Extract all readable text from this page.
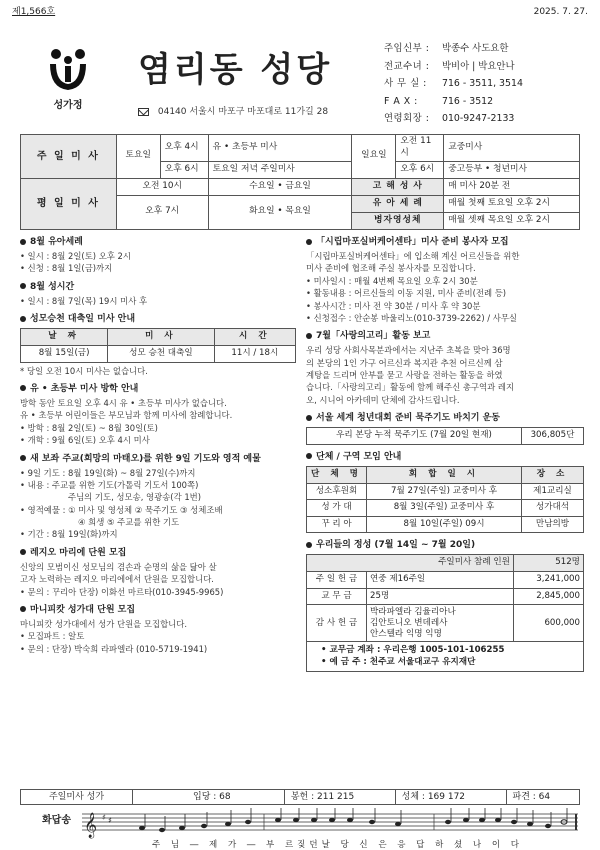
제1,566호	2025. 7. 27.
성가정
염리동 성당
04140 서울시 마포구 마포대로 11가길 28
주임신부 :	박종수 사도요한
전교수녀 :	박비아 | 박요안나
사 무 실 :	716 - 3511, 3514
F A X :	716 - 3512
연령회장 :	010-9247-2133
주 일 미 사	토요일	오후 4시	유 • 초등부 미사	일요일	오전 11시	교중미사
		오후 6시	토요일 저녁 주일미사		오후 6시	중고등부 • 청년미사
평 일 미 사	오전 10시		수요일 • 금요일	고 해 성 사		매 미사 20분 전
	오후 7시		화요일 • 목요일	유 아 세 례		매월 첫째 토요일 오후 2시
				병자영성체		매월 셋째 목요일 오후 2시
8월 유아세례

• 일시 : 8월 2일(토) 오후 2시

• 신청 : 8월 1일(금)까지

8월 성시간

• 일시 : 8월 7일(목) 19시 미사 후

성모승천 대축일 미사 안내
날 짜	미 사	시 간
8월 15일(금)	성모 승천 대축일	11시 / 18시

* 당일 오전 10시 미사는 없습니다.

유 • 초등부 미사 방학 안내

방학 동안 토요일 오후 4시 유 • 초등부 미사가 없습니다.

유 • 초등부 어린이들은 부모님과 함께 미사에 참례합니다.

• 방학 : 8월 2일(토) ~ 8월 30일(토)

• 개학 : 9월 6일(토) 오후 4시 미사

새 보좌 주교(희망의 마태오)를 위한 9일 기도와 영적 예물

• 9일 기도 : 8월 19일(화) ~ 8월 27일(수)까지

• 내용 : 주교를 위한 기도(가톨릭 기도서 100쪽)

주님의 기도, 성모송, 영광송(각 1번)

• 영적예물 : ① 미사 및 영성체 ② 묵주기도 ③ 성체조배

④ 희생 ⑤ 주교를 위한 기도

• 기간 : 8월 19일(화)까지

레지오 마리에 단원 모집

신앙의 모범이신 성모님의 겸손과 순명의 삶을 닮아 살

고자 노력하는 레지오 마리에에서 단원을 모집합니다.

• 문의 : 꾸리아 단장) 이화선 마르타(010-3945-9965)

마니피캇 성가대 단원 모집

마니피캇 성가대에서 성가 단원을 모집합니다.

• 모집파트 : 알토

• 문의 : 단장) 박숙희 라파엘라 (010-5719-1941)

「시립마포실버케어센타」미사 준비 봉사자 모집

「시립마포실버케어센타」에 입소해 계신 어르신들을 위한

미사 준비에 협조해 주실 봉사자를 모집합니다.

• 미사일시 : 매월 4번째 목요일 오후 2시 30분

• 활동내용 : 어르신들의 이동 지원, 미사 준비(전례 등)

• 봉사시간 : 미사 전 약 30분 / 미사 후 약 30분

• 신청접수 : 안순봉 바울리노(010-3739-2262) / 사무실

7월「사랑의고리」활동 보고

우리 성당 사회사목분과에서는 지난주 초복을 맞아 36명

의 본당의 1인 가구 어르신과 복지관 추천 어르신께 삼

계탕을 드리며 안부를 묻고 사랑을 전하는 활동을 하였

습니다.「사랑의고리」활동에 함께 해주신 총구역과 레지

오, 시니어 아카데미 단체에 감사드립니다.

서울 세계 청년대회 준비 묵주기도 바치기 운동
우리 본당 누적 묵주기도 (7월 20일 현재)	306,805단
단체 / 구역 모임 안내
단 체 명	회 합 일 시	장 소
성소후원회	7월 27일(주일) 교중미사 후	제1교리실
성 가 대	8월 3일(주일) 교중미사 후	성가대석
꾸 리 아	8월 10일(주일) 09시	만남의방
우리들의 정성 (7월 14일 ~ 7월 20일)
주일미사 참례 인원		512명
주 일 헌 금	연중 제16주일	3,241,000
교 무 금	25명	2,845,000
감 사 헌 금	박라파엘라 김율리아나
김안토니오 변데레사
안스텔라 익명 익명	600,000

• 교무금 계좌 : 우리은행 1005-101-106255
• 예 금 주 : 천주교 서울대교구 유지재단		
주일미사 성가	입당 : 68	봉헌 : 211 215	성체 : 169 172	파견 : 64
화답송 𝄞 ♯ ♯
주 님 ― 제 가 ― 부 르짖던날 당 신 은 응 답 하 셨 나 이 다
